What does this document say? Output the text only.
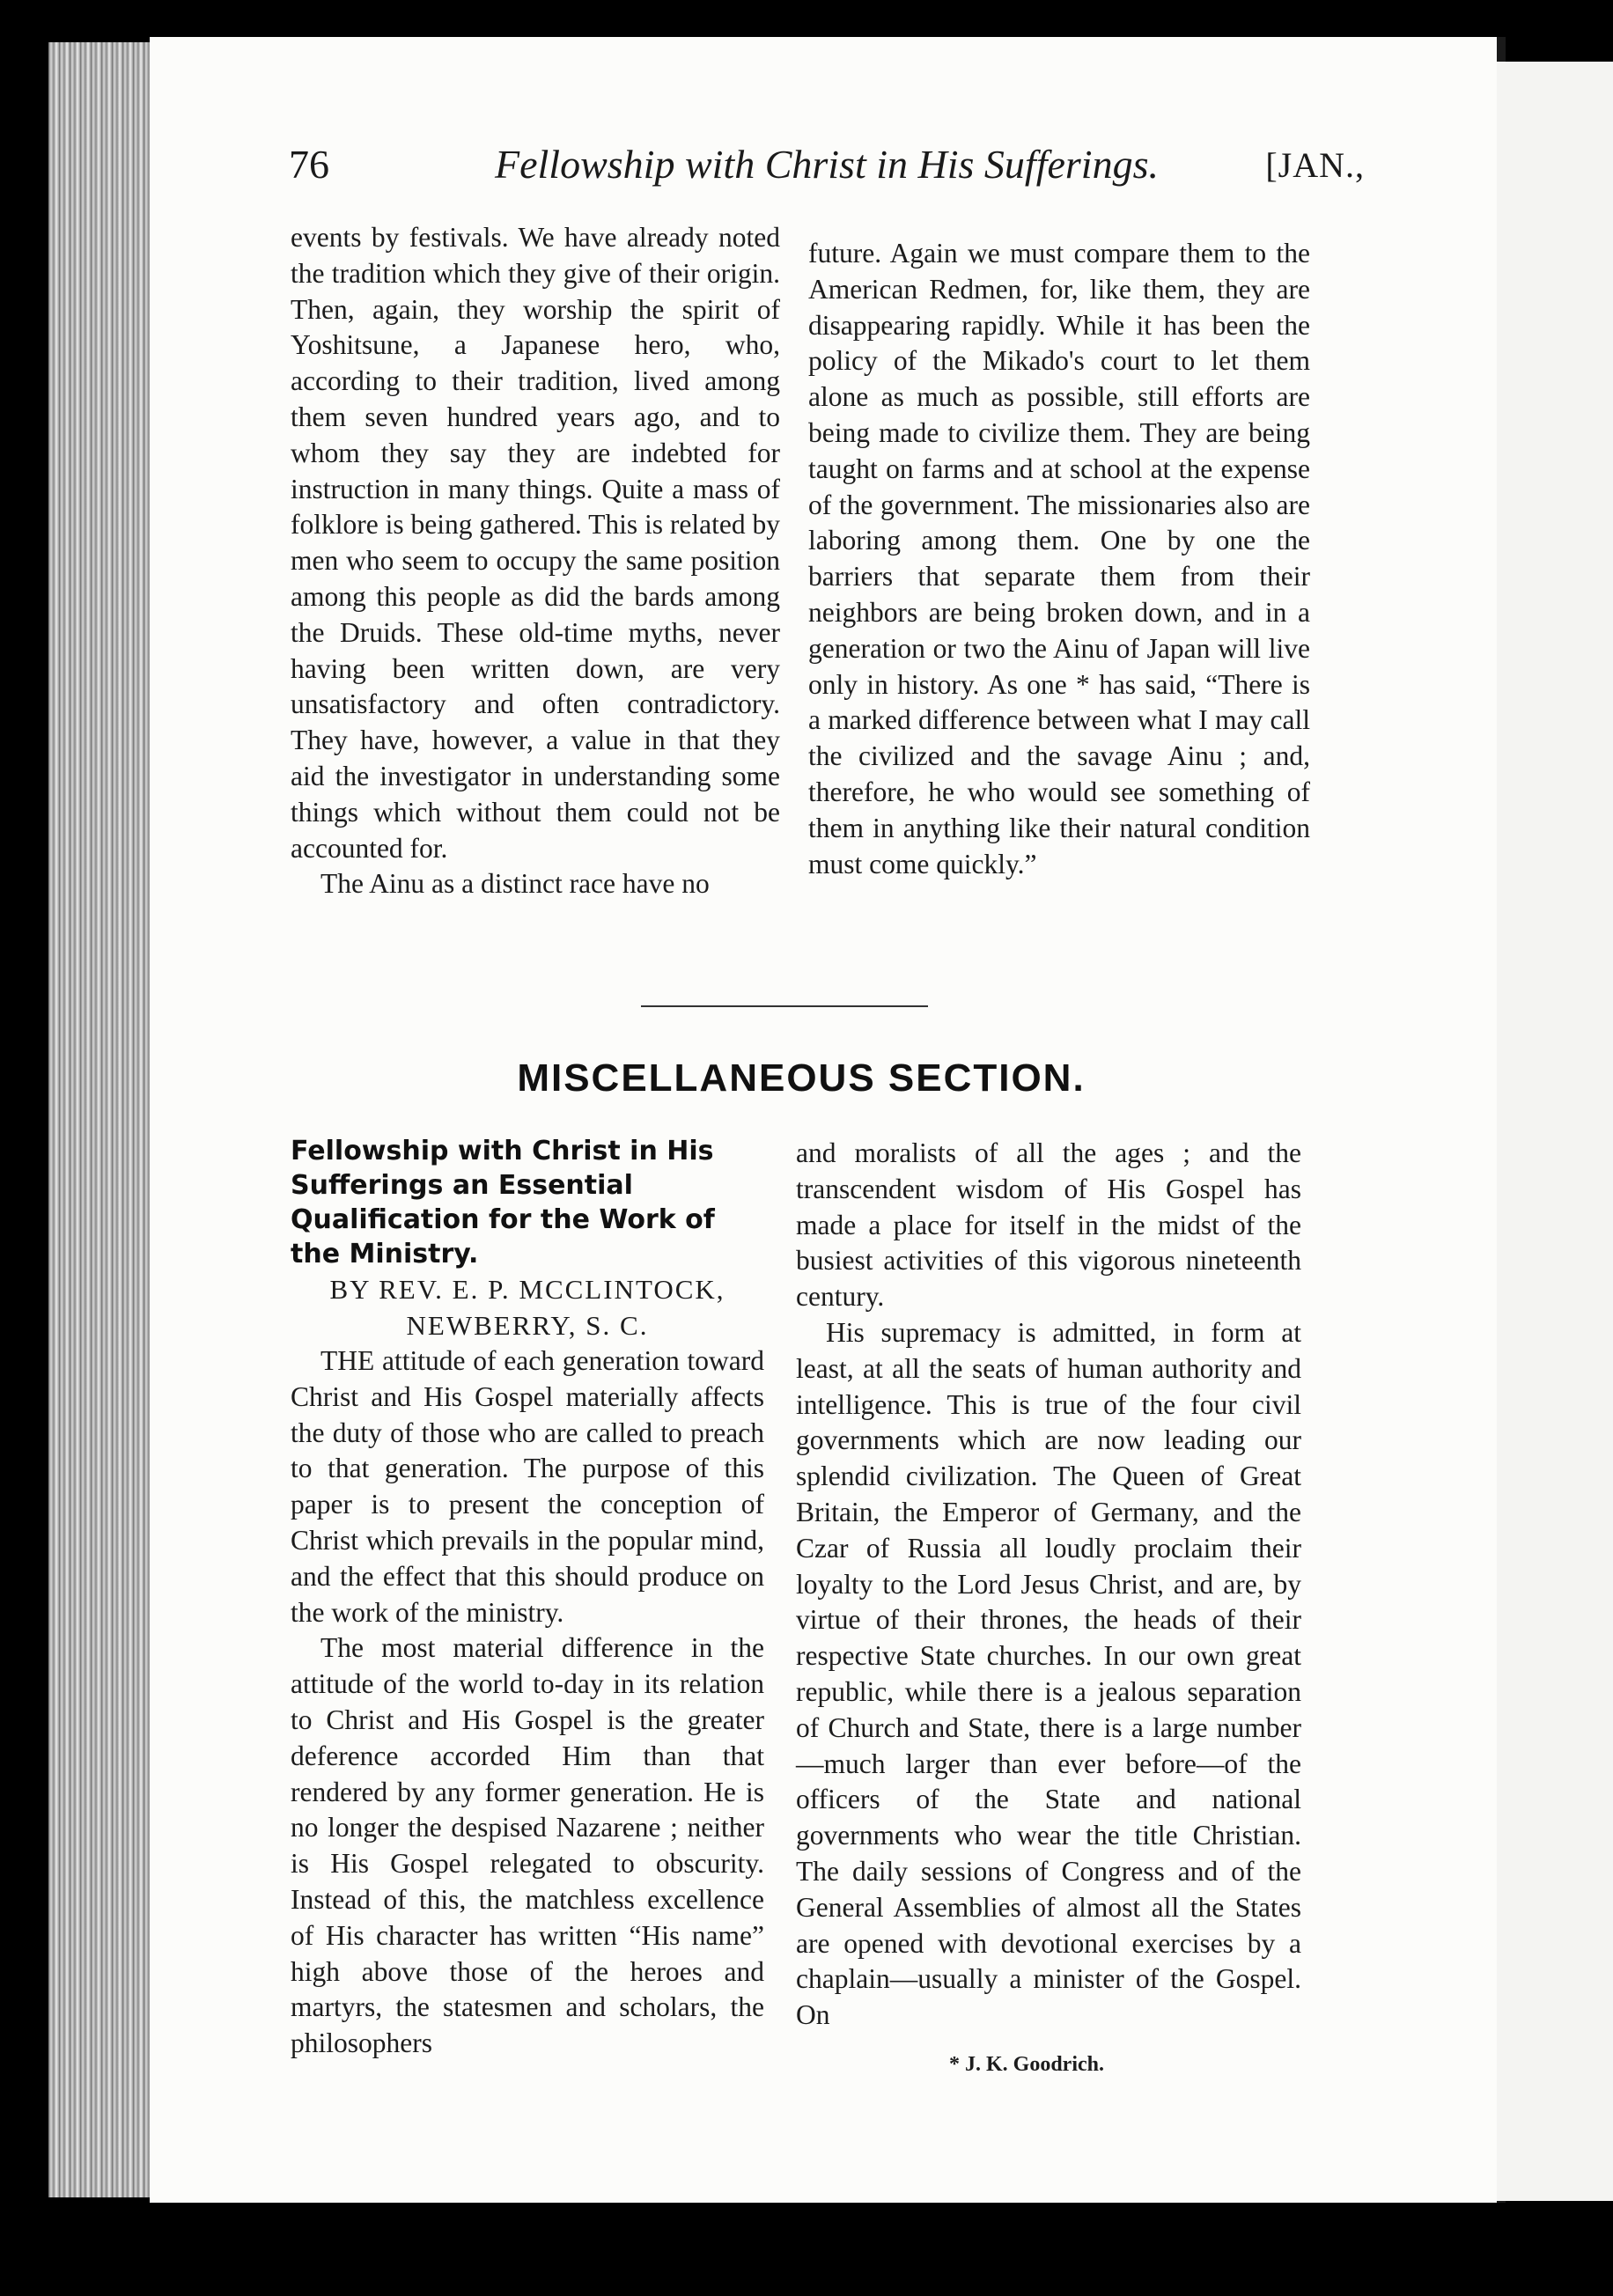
76	Fellowship with Christ in His Sufferings.	[JAN.,

events by festivals. We have already noted the tradition which they give of their origin. Then, again, they worship the spirit of Yoshitsune, a Japanese hero, who, according to their tradition, lived among them seven hundred years ago, and to whom they say they are indebted for instruction in many things. Quite a mass of folklore is being gathered. This is related by men who seem to occupy the same position among this people as did the bards among the Druids. These old-time myths, never having been written down, are very unsatisfactory and often contradictory. They have, however, a value in that they aid the investigator in understanding some things which without them could not be accounted for.

The Ainu as a distinct race have no

future. Again we must compare them to the American Redmen, for, like them, they are disappearing rapidly. While it has been the policy of the Mikado's court to let them alone as much as possible, still efforts are being made to civilize them. They are being taught on farms and at school at the expense of the government. The missionaries also are laboring among them. One by one the barriers that separate them from their neighbors are being broken down, and in a generation or two the Ainu of Japan will live only in history. As one * has said, “There is a marked difference between what I may call the civilized and the savage Ainu ; and, therefore, he who would see something of them in anything like their natural condition must come quickly.”

MISCELLANEOUS SECTION.

Fellowship with Christ in His Sufferings an Essential Qualification for the Work of the Ministry.

BY REV. E. P. MCCLINTOCK, NEWBERRY, S. C.

THE attitude of each generation toward Christ and His Gospel materially affects the duty of those who are called to preach to that generation. The purpose of this paper is to present the conception of Christ which prevails in the popular mind, and the effect that this should produce on the work of the ministry.

The most material difference in the attitude of the world to-day in its relation to Christ and His Gospel is the greater deference accorded Him than that rendered by any former generation. He is no longer the despised Nazarene ; neither is His Gospel relegated to obscurity. Instead of this, the matchless excellence of His character has written “His name” high above those of the heroes and martyrs, the statesmen and scholars, the philosophers

and moralists of all the ages ; and the transcendent wisdom of His Gospel has made a place for itself in the midst of the busiest activities of this vigorous nineteenth century.

His supremacy is admitted, in form at least, at all the seats of human authority and intelligence. This is true of the four civil governments which are now leading our splendid civilization. The Queen of Great Britain, the Emperor of Germany, and the Czar of Russia all loudly proclaim their loyalty to the Lord Jesus Christ, and are, by virtue of their thrones, the heads of their respective State churches. In our own great republic, while there is a jealous separation of Church and State, there is a large number—much larger than ever before—of the officers of the State and national governments who wear the title Christian. The daily sessions of Congress and of the General Assemblies of almost all the States are opened with devotional exercises by a chaplain—usually a minister of the Gospel. On

* J. K. Goodrich.
